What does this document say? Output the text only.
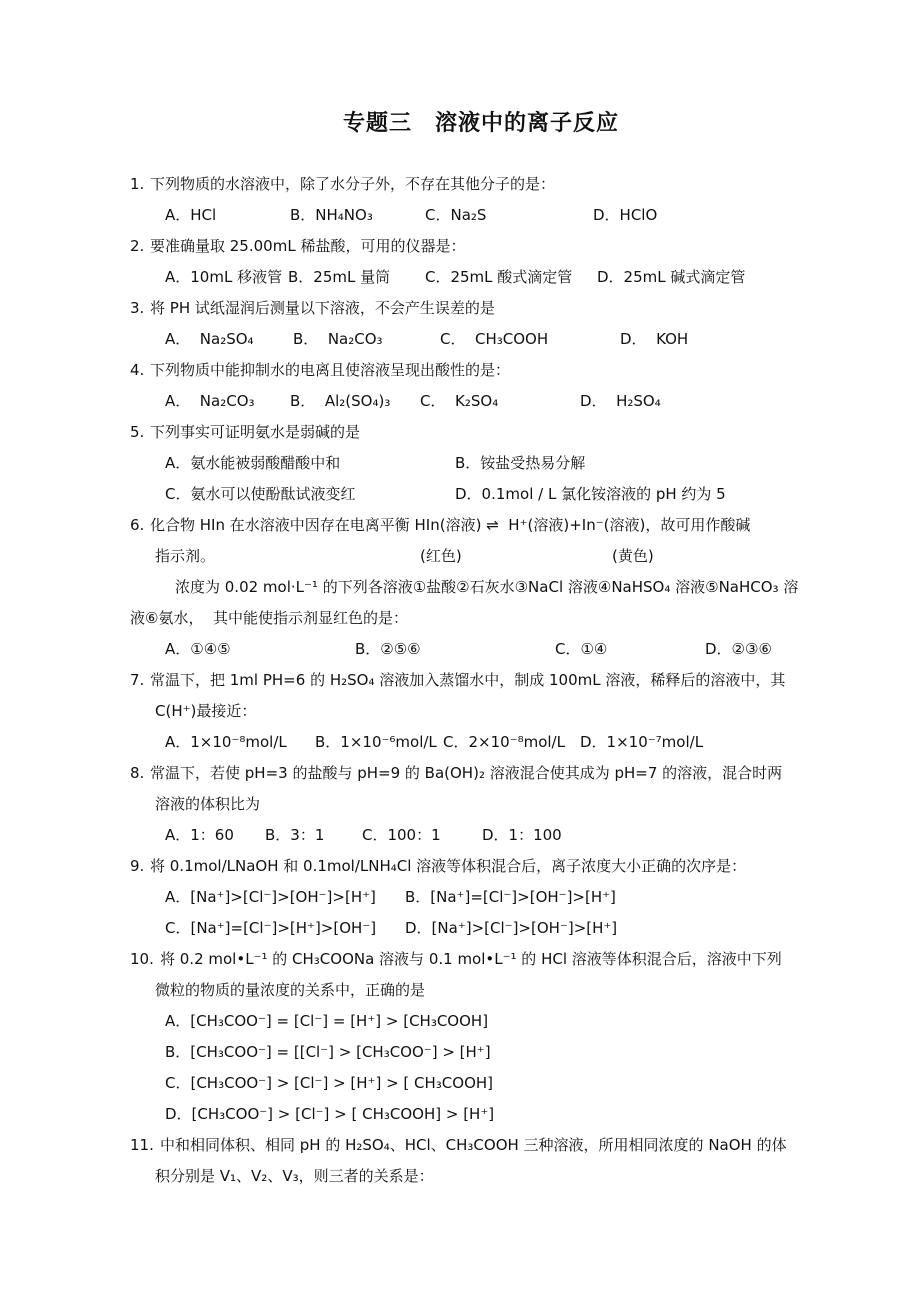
专题三　溶液中的离子反应
1. 下列物质的水溶液中，除了水分子外，不存在其他分子的是：
A．HCl	B．NH₄NO₃	C．Na₂S	D．HClO
2. 要准确量取 25.00mL 稀盐酸，可用的仪器是：
A．10mL 移液管 B．25mL 量筒	C．25mL 酸式滴定管	D．25mL 碱式滴定管
3. 将 PH 试纸湿润后测量以下溶液，不会产生误差的是
A．  Na₂SO₄	B．  Na₂CO₃	C．  CH₃COOH	D．  KOH
4. 下列物质中能抑制水的电离且使溶液呈现出酸性的是：
A．  Na₂CO₃	B．  Al₂(SO₄)₃	C．  K₂SO₄	D．  H₂SO₄
5. 下列事实可证明氨水是弱碱的是
A．氨水能被弱酸醋酸中和	B．铵盐受热易分解
C．氨水可以使酚酞试液变红	D．0.1mol / L 氯化铵溶液的 pH 约为 5
6. 化合物 HIn 在水溶液中因存在电离平衡 HIn(溶液) ⇌  H⁺(溶液)+In⁻(溶液)，故可用作酸碱
指示剂。	(红色)	(黄色)
浓度为 0.02 mol·L⁻¹ 的下列各溶液①盐酸②石灰水③NaCl 溶液④NaHSO₄ 溶液⑤NaHCO₃ 溶
液⑥氨水，  其中能使指示剂显红色的是：
A．①④⑤	B．②⑤⑥	C．①④	D．②③⑥
7. 常温下，把 1ml PH=6 的 H₂SO₄ 溶液加入蒸馏水中，制成 100mL 溶液，稀释后的溶液中，其
C(H⁺)最接近：
A．1×10⁻⁸mol/L	B．1×10⁻⁶mol/L C．2×10⁻⁸mol/L	D．1×10⁻⁷mol/L
8. 常温下，若使 pH=3 的盐酸与 pH=9 的 Ba(OH)₂ 溶液混合使其成为 pH=7 的溶液，混合时两
溶液的体积比为
A．1：60	B．3：1	C．100：1	D．1：100
9. 将 0.1mol/LNaOH 和 0.1mol/LNH₄Cl 溶液等体积混合后，离子浓度大小正确的次序是：
A．[Na⁺]>[Cl⁻]>[OH⁻]>[H⁺]	B．[Na⁺]=[Cl⁻]>[OH⁻]>[H⁺]
C．[Na⁺]=[Cl⁻]>[H⁺]>[OH⁻]	D．[Na⁺]>[Cl⁻]>[OH⁻]>[H⁺]
10. 将 0.2 mol•L⁻¹ 的 CH₃COONa 溶液与 0.1 mol•L⁻¹ 的 HCl 溶液等体积混合后，溶液中下列
微粒的物质的量浓度的关系中，正确的是
A．[CH₃COO⁻] = [Cl⁻] = [H⁺] > [CH₃COOH]
B．[CH₃COO⁻] = [[Cl⁻] > [CH₃COO⁻] > [H⁺]
C．[CH₃COO⁻] > [Cl⁻] > [H⁺] > [ CH₃COOH]
D．[CH₃COO⁻] > [Cl⁻] > [ CH₃COOH] > [H⁺]
11. 中和相同体积、相同 pH 的 H₂SO₄、HCl、CH₃COOH 三种溶液，所用相同浓度的 NaOH 的体
积分别是 V₁、V₂、V₃，则三者的关系是：
